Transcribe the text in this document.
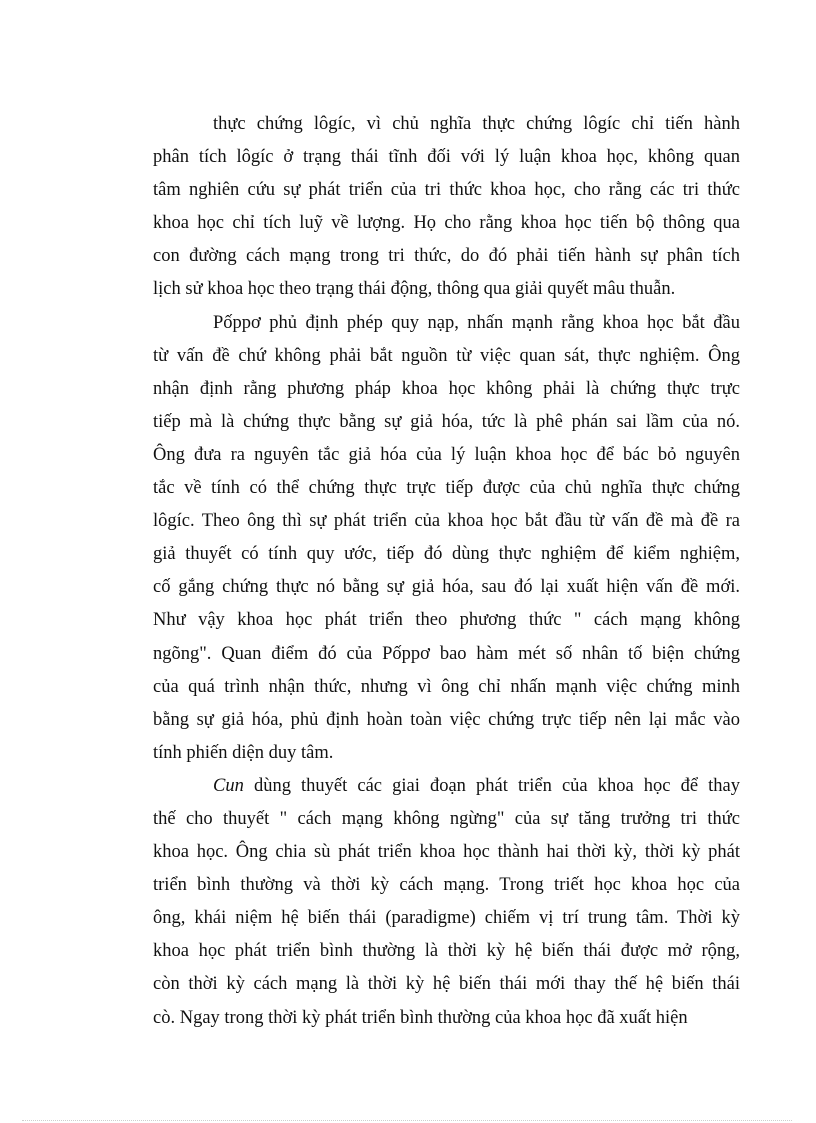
thực chứng lôgíc, vì chủ nghĩa thực chứng lôgíc chỉ tiến hành
phân tích lôgíc ở trạng thái tĩnh đối với lý luận khoa học, không quan
tâm nghiên cứu sự phát triển của tri thức khoa học, cho rằng các tri thức
khoa học chỉ tích luỹ về lượng. Họ cho rằng khoa học tiến bộ thông qua
con đường cách mạng trong tri thức, do đó phải tiến hành sự phân tích
lịch sử khoa học theo trạng thái động, thông qua giải quyết mâu thuẫn.
Pốppơ phủ định phép quy nạp, nhấn mạnh rằng khoa học bắt đầu
từ vấn đề chứ không phải bắt nguồn từ việc quan sát, thực nghiệm. Ông
nhận định rằng phương pháp khoa học không phải là chứng thực trực
tiếp mà là chứng thực bằng sự giả hóa, tức là phê phán sai lầm của nó.
Ông đưa ra nguyên tắc giả hóa của lý luận khoa học để bác bỏ nguyên
tắc về tính có thể chứng thực trực tiếp được của chủ nghĩa thực chứng
lôgíc. Theo ông thì sự phát triển của khoa học bắt đầu từ vấn đề mà đề ra
giả thuyết có tính quy ước, tiếp đó dùng thực nghiệm để kiểm nghiệm,
cố gắng chứng thực nó bằng sự giả hóa, sau đó lại xuất hiện vấn đề mới.
Như vậy khoa học phát triển theo phương thức " cách mạng không
ngõng". Quan điểm đó của Pốppơ bao hàm mét số nhân tố biện chứng
của quá trình nhận thức, nhưng vì ông chỉ nhấn mạnh việc chứng minh
bằng sự giả hóa, phủ định hoàn toàn việc chứng trực tiếp nên lại mắc vào
tính phiến diện duy tâm.
Cun dùng thuyết các giai đoạn phát triển của khoa học để thay
thế cho thuyết " cách mạng không ngừng" của sự tăng trưởng tri thức
khoa học. Ông chia sù phát triển khoa học thành hai thời kỳ, thời kỳ phát
triển bình thường và thời kỳ cách mạng. Trong triết học khoa học của
ông, khái niệm hệ biến thái (paradigme) chiếm vị trí trung tâm. Thời kỳ
khoa học phát triển bình thường là thời kỳ hệ biến thái được mở rộng,
còn thời kỳ cách mạng là thời kỳ hệ biến thái mới thay thế hệ biến thái
cò. Ngay trong thời kỳ phát triển bình thường của khoa học đã xuất hiện
